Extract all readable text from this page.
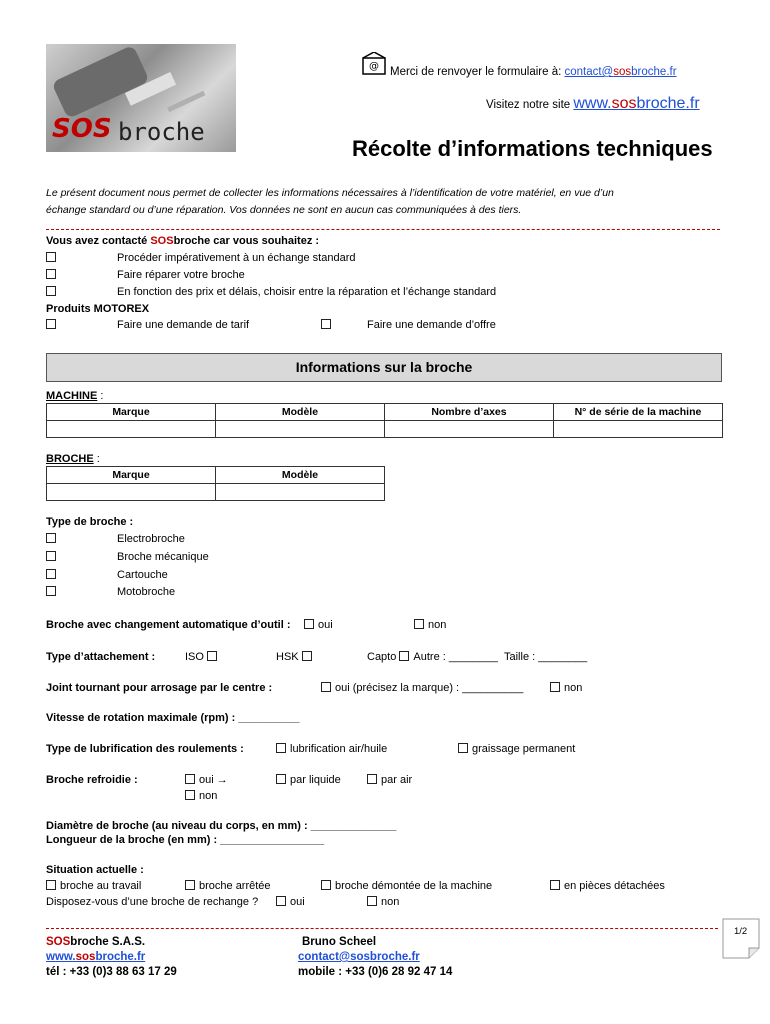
SOS broche
@ Merci de renvoyer le formulaire à: contact@sosbroche.fr
Visitez notre site www.sosbroche.fr
Récolte d’informations techniques
Le présent document nous permet de collecter les informations nécessaires à l’identification de votre matériel, en vue d’un
échange standard ou d’une réparation. Vos données ne sont en aucun cas communiquées à des tiers.
Vous avez contacté SOSbroche car vous souhaitez :
Procéder impérativement à un échange standard
Faire réparer votre broche
En fonction des prix et délais, choisir entre la réparation et l’échange standard
Produits MOTOREX
Faire une demande de tarif	Faire une demande d’offre
Informations sur la broche
MACHINE :
Marque	Modèle	Nombre d’axes	N° de série de la machine

BROCHE :
Marque	Modèle

Type de broche :
Electrobroche
Broche mécanique
Cartouche
Motobroche
Broche avec changement automatique d’outil :	oui	non
Type d’attachement :	ISO	HSK	Capto Autre : ________ Taille : ________
Joint tournant pour arrosage par le centre :	oui (précisez la marque) : __________	non
Vitesse de rotation maximale (rpm) : __________
Type de lubrification des roulements :	lubrification air/huile	graissage permanent
Broche refroidie :	oui →	par liquide	par air
non
Diamètre de broche (au niveau du corps, en mm) : ______________
Longueur de la broche (en mm) : _________________
Situation actuelle :
broche au travail	broche arrêtée	broche démontée de la machine	en pièces détachées
Disposez-vous d’une broche de rechange ?	oui	non
SOSbroche S.A.S.
www.sosbroche.fr
tél : +33 (0)3 88 63 17 29
Bruno Scheel
contact@sosbroche.fr
mobile : +33 (0)6 28 92 47 14
1/2
